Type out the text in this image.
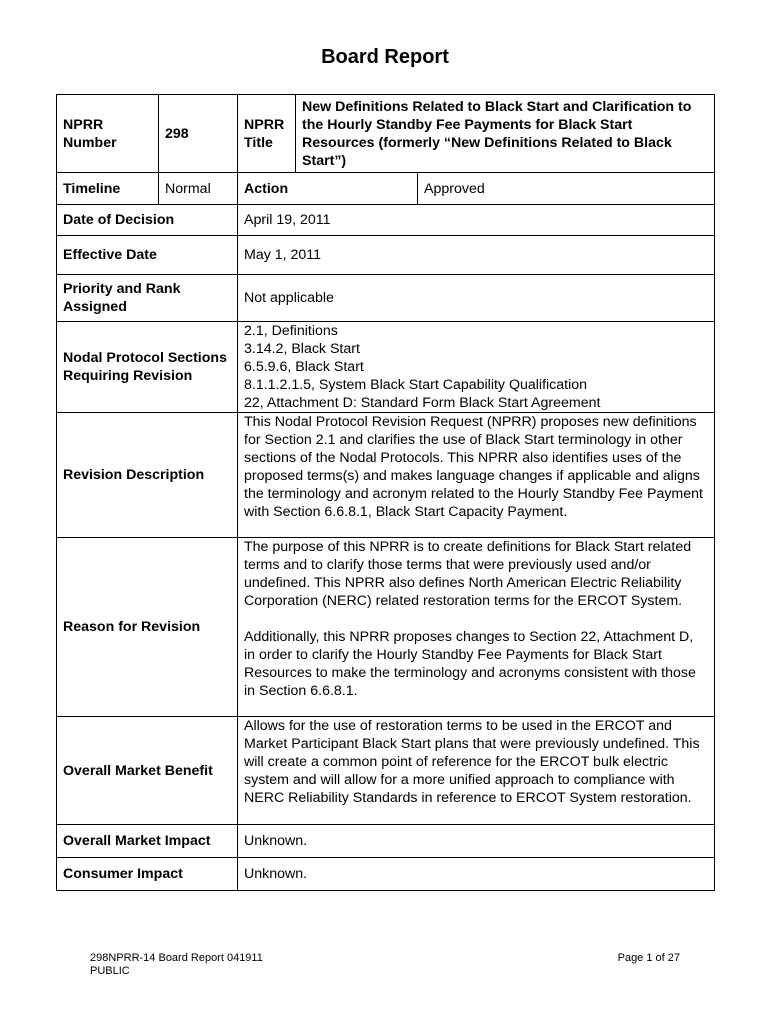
Board Report
NPRR Number	298	NPRR Title	New Definitions Related to Black Start and Clarification to the Hourly Standby Fee Payments for Black Start Resources (formerly “New Definitions Related to Black Start”)	
Timeline	Normal	Action		Approved
Date of Decision		April 19, 2011		
Effective Date		May 1, 2011		
Priority and Rank Assigned		Not applicable		
Nodal Protocol Sections Requiring Revision		2.1, Definitions
3.14.2, Black Start
6.5.9.6, Black Start
8.1.1.2.1.5, System Black Start Capability Qualification
22, Attachment D: Standard Form Black Start Agreement		

Revision Description		This Nodal Protocol Revision Request (NPRR) proposes new definitions for Section 2.1 and clarifies the use of Black Start terminology in other sections of the Nodal Protocols. This NPRR also identifies uses of the proposed terms(s) and makes language changes if applicable and aligns the terminology and acronym related to the Hourly Standby Fee Payment with Section 6.6.8.1, Black Start Capacity Payment.		
Reason for Revision		The purpose of this NPRR is to create definitions for Black Start related terms and to clarify those terms that were previously used and/or undefined. This NPRR also defines North American Electric Reliability Corporation (NERC) related restoration terms for the ERCOT System.
Additionally, this NPRR proposes changes to Section 22, Attachment D, in order to clarify the Hourly Standby Fee Payments for Black Start Resources to make the terminology and acronyms consistent with those in Section 6.6.8.1.		

Overall Market Benefit		Allows for the use of restoration terms to be used in the ERCOT and Market Participant Black Start plans that were previously undefined. This will create a common point of reference for the ERCOT bulk electric system and will allow for a more unified approach to compliance with NERC Reliability Standards in reference to ERCOT System restoration.		
Overall Market Impact		Unknown.		
Consumer Impact		Unknown.		
298NPRR-14 Board Report 041911
PUBLIC
Page 1 of 27
